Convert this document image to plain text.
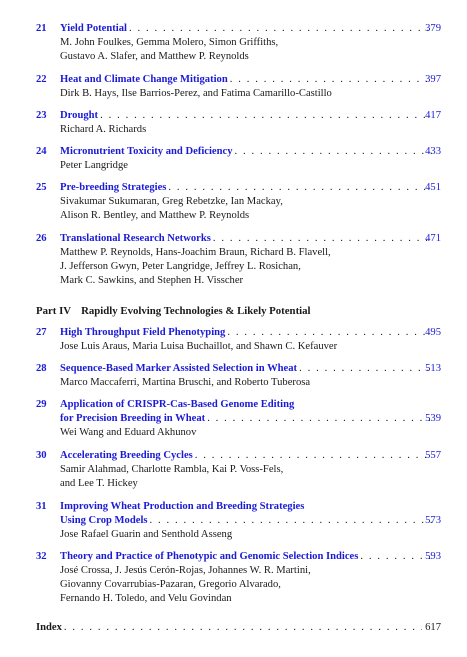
21	Yield Potential
. . .
M. John Foulkes, Gemma Molero, Simon Griffiths,
Gustavo A. Slafer, and Matthew P. Reynolds
379
22	Heat and Climate Change Mitigation
. . .
Dirk B. Hays, Ilse Barrios-Perez, and Fatima Camarillo-Castillo
397
23	Drought
. . .
Richard A. Richards
417
24	Micronutrient Toxicity and Deficiency
. . .
Peter Langridge
433
25	Pre-breeding Strategies
. . .
Sivakumar Sukumaran, Greg Rebetzke, Ian Mackay,
Alison R. Bentley, and Matthew P. Reynolds
451
26	Translational Research Networks
. . .
Matthew P. Reynolds, Hans-Joachim Braun, Richard B. Flavell,
J. Jefferson Gwyn, Peter Langridge, Jeffrey L. Rosichan,
Mark C. Sawkins, and Stephen H. Visscher
471
Part IV Rapidly Evolving Technologies & Likely Potential
27	High Throughput Field Phenotyping
. . .
Jose Luis Araus, Maria Luisa Buchaillot, and Shawn C. Kefauver
495
28	Sequence-Based Marker Assisted Selection in Wheat
. . .
Marco Maccaferri, Martina Bruschi, and Roberto Tuberosa
513
29	Application of CRISPR-Cas-Based Genome Editing
for Precision Breeding in Wheat
. . .
Wei Wang and Eduard Akhunov
539
30	Accelerating Breeding Cycles
. . .
Samir Alahmad, Charlotte Rambla, Kai P. Voss-Fels,
and Lee T. Hickey
557
31	Improving Wheat Production and Breeding Strategies
Using Crop Models
. . .
Jose Rafael Guarin and Senthold Asseng
573
32	Theory and Practice of Phenotypic and Genomic Selection Indices
. . .
José Crossa, J. Jesús Cerón-Rojas, Johannes W. R. Martini,
Giovanny Covarrubias-Pazaran, Gregorio Alvarado,
Fernando H. Toledo, and Velu Govindan
593
Index
. . .	617
